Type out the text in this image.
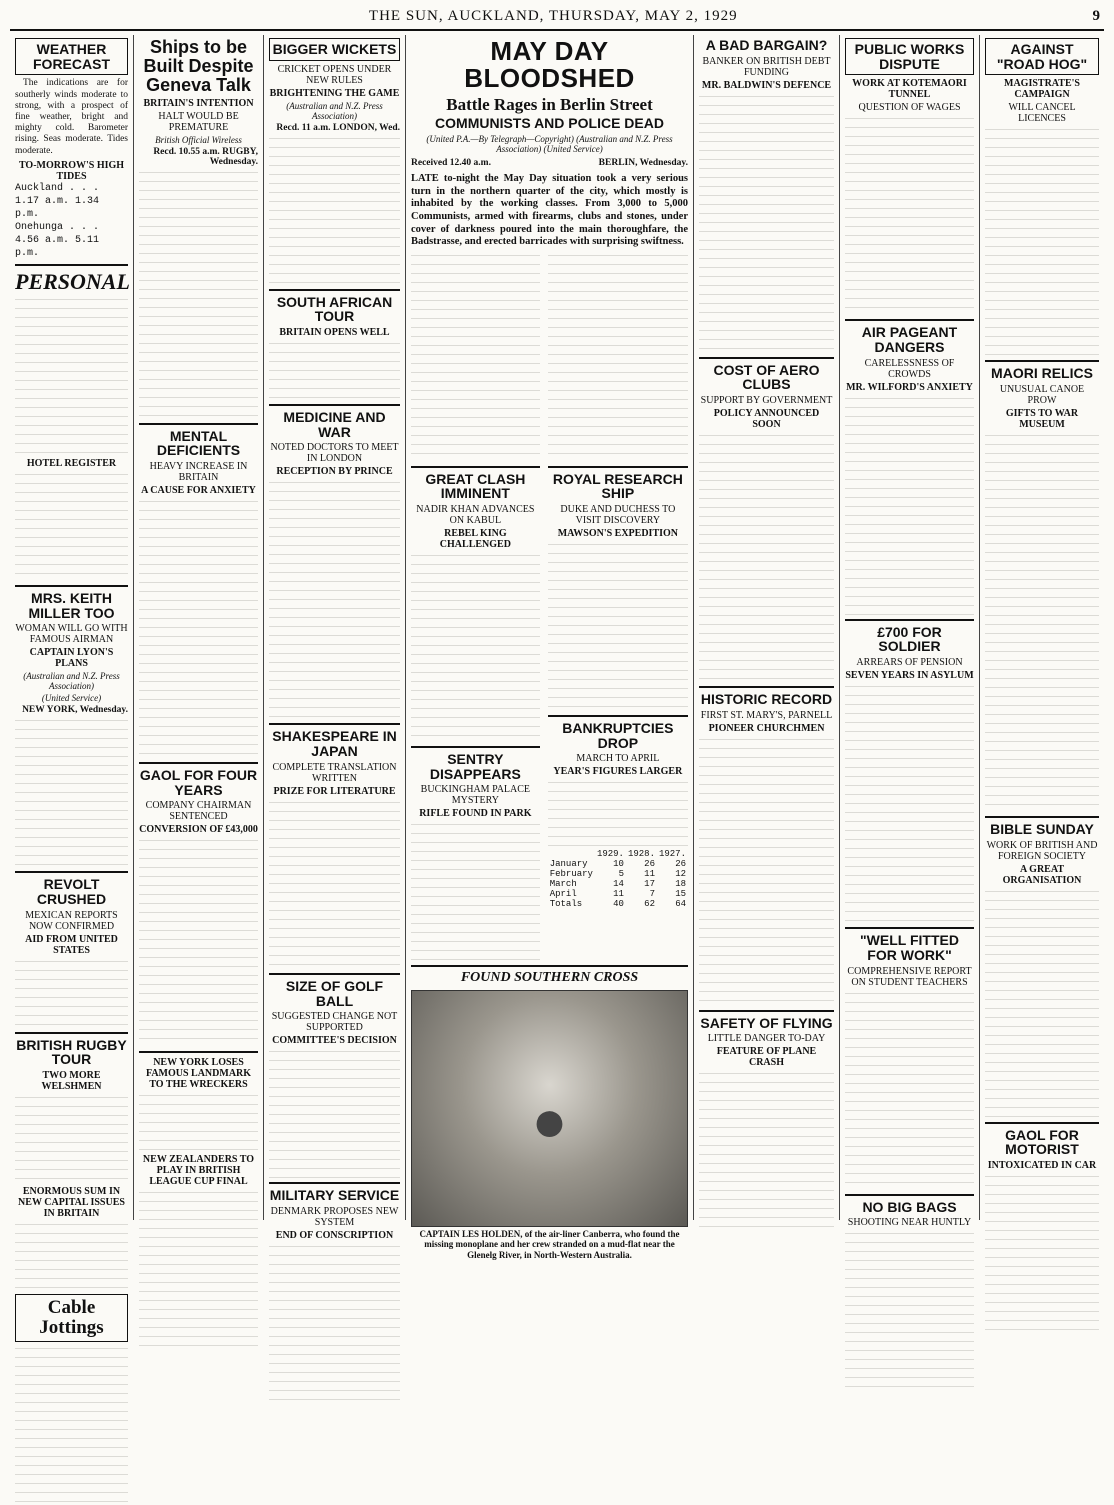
THE SUN, AUCKLAND, THURSDAY, MAY 2, 1929	9
WEATHER FORECAST

The indications are for southerly winds moderate to strong, with a prospect of fine weather, bright and mighty cold. Barometer rising. Seas moderate. Tides moderate.

TO-MORROW'S HIGH TIDES
Auckland . . . 1.17 a.m. 1.34 p.m.
Onehunga . . . 4.56 a.m. 5.11 p.m.
PERSONAL
HOTEL REGISTER
MRS. KEITH MILLER TOO
WOMAN WILL GO WITH FAMOUS AIRMAN
CAPTAIN LYON'S PLANS
(Australian and N.Z. Press Association)
(United Service)
NEW YORK, Wednesday.
REVOLT CRUSHED
MEXICAN REPORTS NOW CONFIRMED
AID FROM UNITED STATES
BRITISH RUGBY TOUR
TWO MORE WELSHMEN
ENORMOUS SUM IN NEW CAPITAL ISSUES IN BRITAIN
Cable Jottings
Ships to be Built Despite Geneva Talk
BRITAIN'S INTENTION
HALT WOULD BE PREMATURE
British Official Wireless
Recd. 10.55 a.m. RUGBY, Wednesday.
MENTAL DEFICIENTS
HEAVY INCREASE IN BRITAIN
A CAUSE FOR ANXIETY
GAOL FOR FOUR YEARS
COMPANY CHAIRMAN SENTENCED
CONVERSION OF £43,000
NEW YORK LOSES FAMOUS LANDMARK TO THE WRECKERS
NEW ZEALANDERS TO PLAY IN BRITISH LEAGUE CUP FINAL
BIGGER WICKETS
CRICKET OPENS UNDER NEW RULES
BRIGHTENING THE GAME
(Australian and N.Z. Press Association)
Recd. 11 a.m. LONDON, Wed.
SOUTH AFRICAN TOUR
BRITAIN OPENS WELL
MEDICINE AND WAR
NOTED DOCTORS TO MEET IN LONDON
RECEPTION BY PRINCE
SHAKESPEARE IN JAPAN
COMPLETE TRANSLATION WRITTEN
PRIZE FOR LITERATURE
SIZE OF GOLF BALL
SUGGESTED CHANGE NOT SUPPORTED
COMMITTEE'S DECISION
MILITARY SERVICE
DENMARK PROPOSES NEW SYSTEM
END OF CONSCRIPTION
MAY DAY BLOODSHED
Battle Rages in Berlin Street
COMMUNISTS AND POLICE DEAD
(United P.A.—By Telegraph—Copyright) (Australian and N.Z. Press Association) (United Service)
Received 12.40 a.m.	BERLIN, Wednesday.

LATE to-night the May Day situation took a very serious turn in the northern quarter of the city, which mostly is inhabited by the working classes. From 3,000 to 5,000 Communists, armed with firearms, clubs and stones, under cover of darkness poured into the main thoroughfare, the Badstrasse, and erected barricades with surprising swiftness.

GREAT CLASH IMMINENT
NADIR KHAN ADVANCES ON KABUL
REBEL KING CHALLENGED
SENTRY DISAPPEARS
BUCKINGHAM PALACE MYSTERY
RIFLE FOUND IN PARK
ROYAL RESEARCH SHIP
DUKE AND DUCHESS TO VISIT DISCOVERY
MAWSON'S EXPEDITION
BANKRUPTCIES DROP
MARCH TO APRIL
YEAR'S FIGURES LARGER
	1929.	1928.	1927.
January	10	26	26
February	5	11	12
March	14	17	18
April	11	7	15
Totals	40	62	64
FOUND SOUTHERN CROSS
●
CAPTAIN LES HOLDEN, of the air-liner Canberra, who found the missing monoplane and her crew stranded on a mud-flat near the Glenelg River, in North-Western Australia.
A BAD BARGAIN?
BANKER ON BRITISH DEBT FUNDING
MR. BALDWIN'S DEFENCE
COST OF AERO CLUBS
SUPPORT BY GOVERNMENT
POLICY ANNOUNCED SOON
HISTORIC RECORD
FIRST ST. MARY'S, PARNELL
PIONEER CHURCHMEN
SAFETY OF FLYING
LITTLE DANGER TO-DAY
FEATURE OF PLANE CRASH
PUBLIC WORKS DISPUTE
WORK AT KOTEMAORI TUNNEL
QUESTION OF WAGES
AIR PAGEANT DANGERS
CARELESSNESS OF CROWDS
MR. WILFORD'S ANXIETY
£700 FOR SOLDIER
ARREARS OF PENSION
SEVEN YEARS IN ASYLUM
"WELL FITTED FOR WORK"
COMPREHENSIVE REPORT ON STUDENT TEACHERS
NO BIG BAGS
SHOOTING NEAR HUNTLY
AGAINST "ROAD HOG"
MAGISTRATE'S CAMPAIGN
WILL CANCEL LICENCES
MAORI RELICS
UNUSUAL CANOE PROW
GIFTS TO WAR MUSEUM
BIBLE SUNDAY
WORK OF BRITISH AND FOREIGN SOCIETY
A GREAT ORGANISATION
GAOL FOR MOTORIST
INTOXICATED IN CAR
